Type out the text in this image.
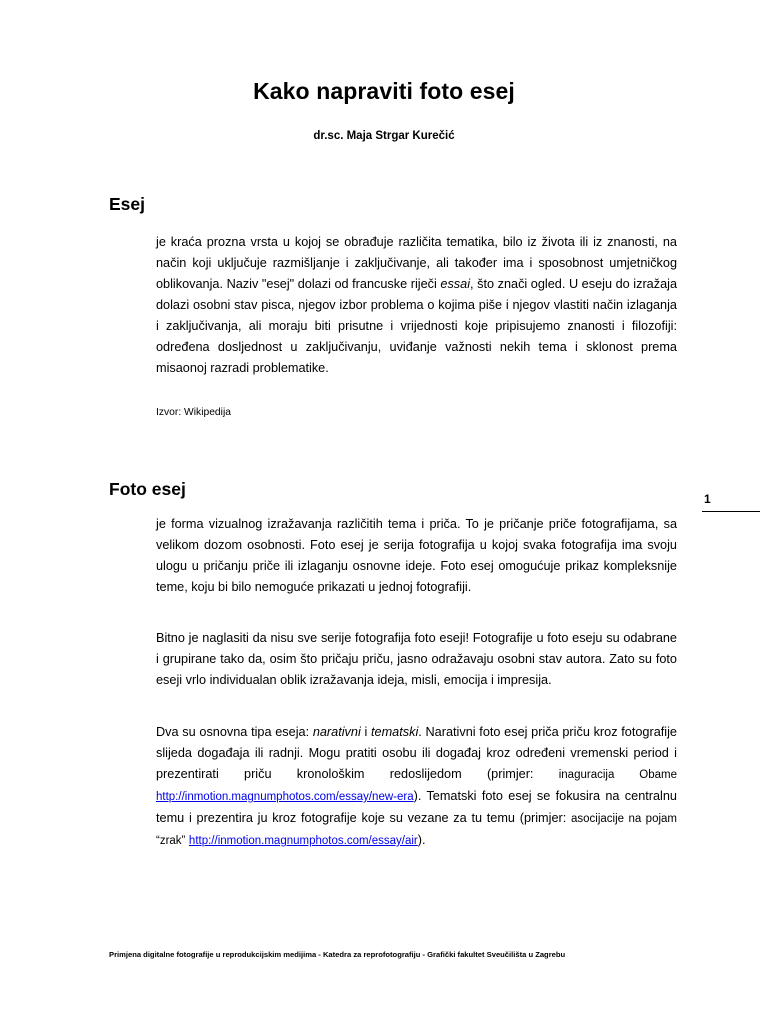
Kako napraviti foto esej

dr.sc. Maja Strgar Kurečić

Esej

je kraća prozna vrsta u kojoj se obrađuje različita tematika, bilo iz života ili iz znanosti, na način koji uključuje razmišljanje i zaključivanje, ali također ima i sposobnost umjetničkog oblikovanja. Naziv "esej" dolazi od francuske riječi essai, što znači ogled. U eseju do izražaja dolazi osobni stav pisca, njegov izbor problema o kojima piše i njegov vlastiti način izlaganja i zaključivanja, ali moraju biti prisutne i vrijednosti koje pripisujemo znanosti i filozofiji: određena dosljednost u zaključivanju, uviđanje važnosti nekih tema i sklonost prema misaonoj razradi problematike.

Izvor: Wikipedija

Foto esej	1

je forma vizualnog izražavanja različitih tema i priča. To je pričanje priče fotografijama, sa velikom dozom osobnosti. Foto esej je serija fotografija u kojoj svaka fotografija ima svoju ulogu u pričanju priče ili izlaganju osnovne ideje. Foto esej omogućuje prikaz kompleksnije teme, koju bi bilo nemoguće prikazati u jednoj fotografiji.

Bitno je naglasiti da nisu sve serije fotografija foto eseji! Fotografije u foto eseju su odabrane i grupirane tako da, osim što pričaju priču, jasno odražavaju osobni stav autora. Zato su foto eseji vrlo individualan oblik izražavanja ideja, misli, emocija i impresija.

Dva su osnovna tipa eseja: narativni i tematski. Narativni foto esej priča priču kroz fotografije slijeda događaja ili radnji. Mogu pratiti osobu ili događaj kroz određeni vremenski period i prezentirati priču kronološkim redoslijedom (primjer: inaguracija Obame http://inmotion.magnumphotos.com/essay/new-era). Tematski foto esej se fokusira na centralnu temu i prezentira ju kroz fotografije koje su vezane za tu temu (primjer: asocijacije na pojam “zrak” http://inmotion.magnumphotos.com/essay/air).

Primjena digitalne fotografije u reprodukcijskim medijima - Katedra za reprofotografiju - Grafički fakultet Sveučilišta u Zagrebu
